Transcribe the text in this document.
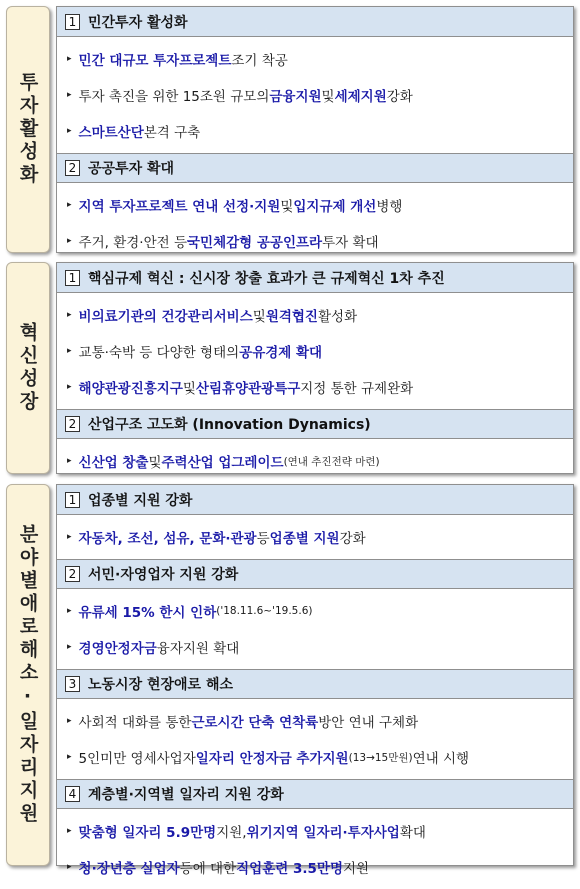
투자활성화
1 민간투자 활성화
▸ 민간 대규모 투자프로젝트 조기 착공
▸ 투자 촉진을 위한 15조원 규모의 금융지원 및 세제지원 강화
▸ 스마트산단 본격 구축
2 공공투자 확대
▸ 지역 투자프로젝트 연내 선정·지원 및 입지규제 개선 병행
▸ 주거, 환경·안전 등 국민체감형 공공인프라 투자 확대
혁신성장
1 핵심규제 혁신 : 신시장 창출 효과가 큰 규제혁신 1차 추진
▸ 비의료기관의 건강관리서비스 및 원격협진 활성화
▸ 교통·숙박 등 다양한 형태의 공유경제 확대
▸ 해양관광진흥지구 및 산림휴양관광특구 지정 통한 규제완화
2 산업구조 고도화 (Innovation Dynamics)
▸ 신산업 창출 및 주력산업 업그레이드 (연내 추진전략 마련)
분야별애로해소·일자리지원
1 업종별 지원 강화
▸ 자동차, 조선, 섬유, 문화·관광 등 업종별 지원 강화
2 서민·자영업자 지원 강화
▸ 유류세 15% 한시 인하 ('18.11.6~'19.5.6)
▸ 경영안정자금 융자지원 확대
3 노동시장 현장애로 해소
▸ 사회적 대화를 통한 근로시간 단축 연착륙 방안 연내 구체화
▸ 5인미만 영세사업자 일자리 안정자금 추가지원 (13→15만원) 연내 시행
4 계층별·지역별 일자리 지원 강화
▸ 맞춤형 일자리 5.9만명 지원, 위기지역 일자리·투자사업 확대
▸ 청·장년층 실업자 등에 대한 직업훈련 3.5만명 지원
